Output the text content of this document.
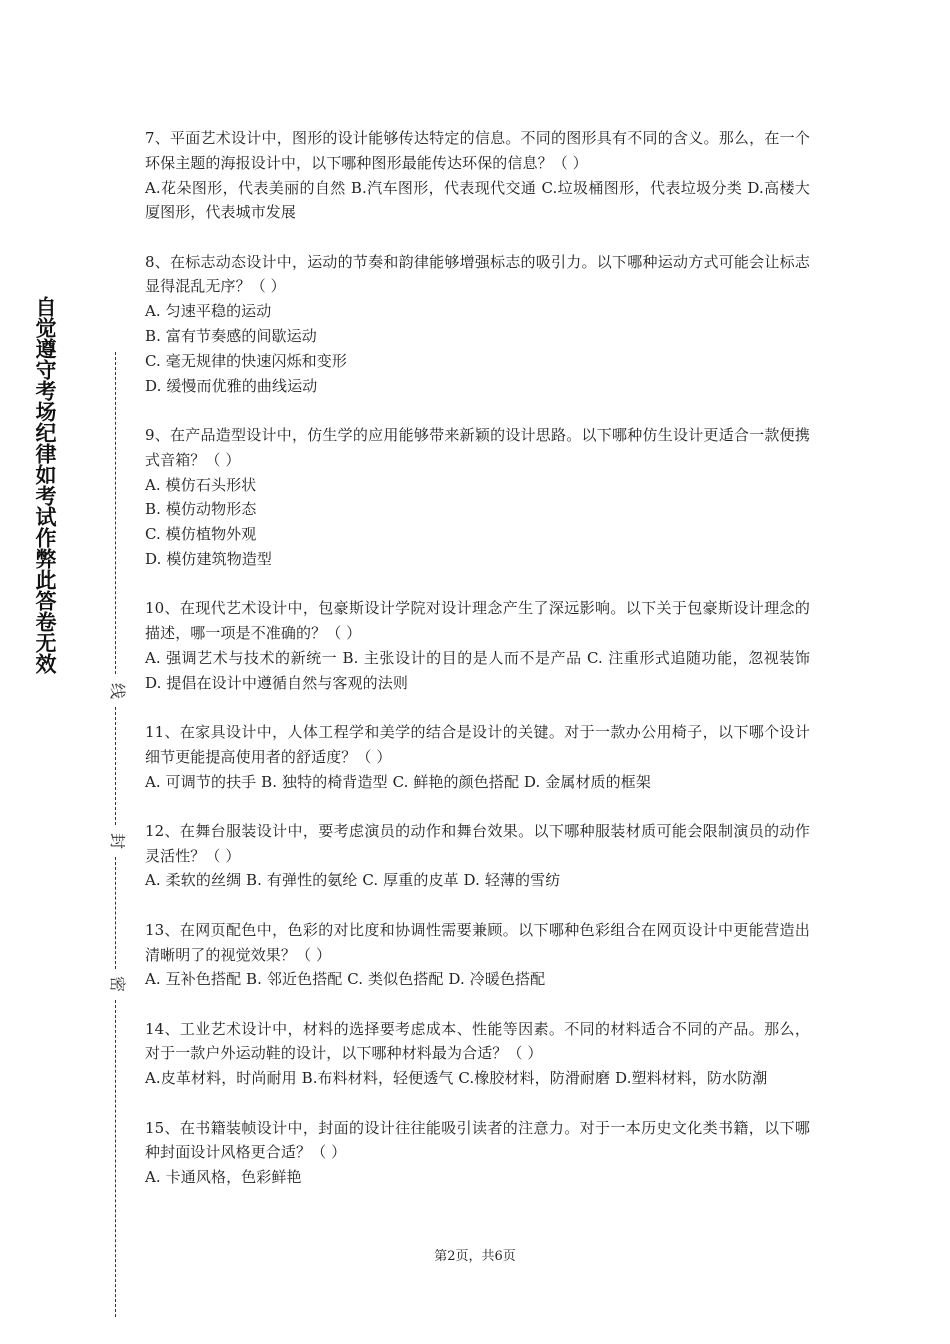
自觉遵守考场纪律如考试作弊此答卷无效
线
封
密

7、平面艺术设计中，图形的设计能够传达特定的信息。不同的图形具有不同的含义。那么，在一个环保主题的海报设计中，以下哪种图形最能传达环保的信息？（ ）

A.花朵图形，代表美丽的自然 B.汽车图形，代表现代交通 C.垃圾桶图形，代表垃圾分类 D.高楼大厦图形，代表城市发展

8、在标志动态设计中，运动的节奏和韵律能够增强标志的吸引力。以下哪种运动方式可能会让标志显得混乱无序？（ ）

A. 匀速平稳的运动

B. 富有节奏感的间歇运动

C. 毫无规律的快速闪烁和变形

D. 缓慢而优雅的曲线运动

9、在产品造型设计中，仿生学的应用能够带来新颖的设计思路。以下哪种仿生设计更适合一款便携式音箱？（ ）

A. 模仿石头形状

B. 模仿动物形态

C. 模仿植物外观

D. 模仿建筑物造型

10、在现代艺术设计中，包豪斯设计学院对设计理念产生了深远影响。以下关于包豪斯设计理念的描述，哪一项是不准确的？（ ）

A. 强调艺术与技术的新统一 B. 主张设计的目的是人而不是产品 C. 注重形式追随功能，忽视装饰 D. 提倡在设计中遵循自然与客观的法则

11、在家具设计中，人体工程学和美学的结合是设计的关键。对于一款办公用椅子，以下哪个设计细节更能提高使用者的舒适度？（ ）

A. 可调节的扶手 B. 独特的椅背造型 C. 鲜艳的颜色搭配 D. 金属材质的框架

12、在舞台服装设计中，要考虑演员的动作和舞台效果。以下哪种服装材质可能会限制演员的动作灵活性？（ ）

A. 柔软的丝绸 B. 有弹性的氨纶 C. 厚重的皮革 D. 轻薄的雪纺

13、在网页配色中，色彩的对比度和协调性需要兼顾。以下哪种色彩组合在网页设计中更能营造出清晰明了的视觉效果？（ ）

A. 互补色搭配 B. 邻近色搭配 C. 类似色搭配 D. 冷暖色搭配

14、工业艺术设计中，材料的选择要考虑成本、性能等因素。不同的材料适合不同的产品。那么，对于一款户外运动鞋的设计，以下哪种材料最为合适？（ ）

A.皮革材料，时尚耐用 B.布料材料，轻便透气 C.橡胶材料，防滑耐磨 D.塑料材料，防水防潮

15、在书籍装帧设计中，封面的设计往往能吸引读者的注意力。对于一本历史文化类书籍，以下哪种封面设计风格更合适？（ ）

A. 卡通风格，色彩鲜艳

第2页，共6页
